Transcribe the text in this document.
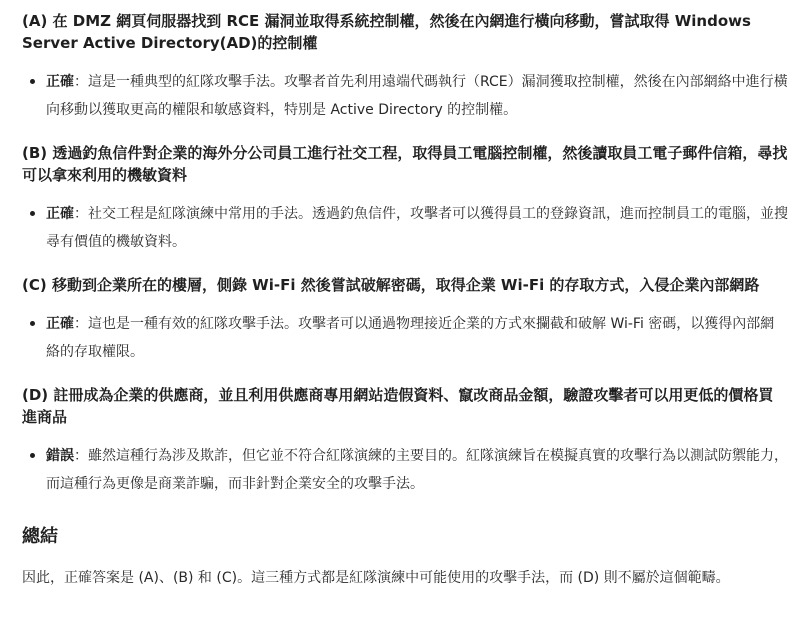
(A) 在 DMZ 網頁伺服器找到 RCE 漏洞並取得系統控制權，然後在內網進行橫向移動，嘗試取得 Windows Server Active Directory(AD)的控制權
正確：這是一種典型的紅隊攻擊手法。攻擊者首先利用遠端代碼執行（RCE）漏洞獲取控制權，然後在內部網絡中進行橫向移動以獲取更高的權限和敏感資料，特別是 Active Directory 的控制權。
(B) 透過釣魚信件對企業的海外分公司員工進行社交工程，取得員工電腦控制權，然後讀取員工電子郵件信箱，尋找可以拿來利用的機敏資料
正確：社交工程是紅隊演練中常用的手法。透過釣魚信件，攻擊者可以獲得員工的登錄資訊，進而控制員工的電腦，並搜尋有價值的機敏資料。
(C) 移動到企業所在的樓層，側錄 Wi-Fi 然後嘗試破解密碼，取得企業 Wi-Fi 的存取方式，入侵企業內部網路
正確：這也是一種有效的紅隊攻擊手法。攻擊者可以通過物理接近企業的方式來攔截和破解 Wi-Fi 密碼，以獲得內部網絡的存取權限。
(D) 註冊成為企業的供應商，並且利用供應商專用網站造假資料、竄改商品金額，驗證攻擊者可以用更低的價格買進商品
錯誤：雖然這種行為涉及欺詐，但它並不符合紅隊演練的主要目的。紅隊演練旨在模擬真實的攻擊行為以測試防禦能力，而這種行為更像是商業詐騙，而非針對企業安全的攻擊手法。
總結

因此，正確答案是 (A)、(B) 和 (C)。這三種方式都是紅隊演練中可能使用的攻擊手法，而 (D) 則不屬於這個範疇。
